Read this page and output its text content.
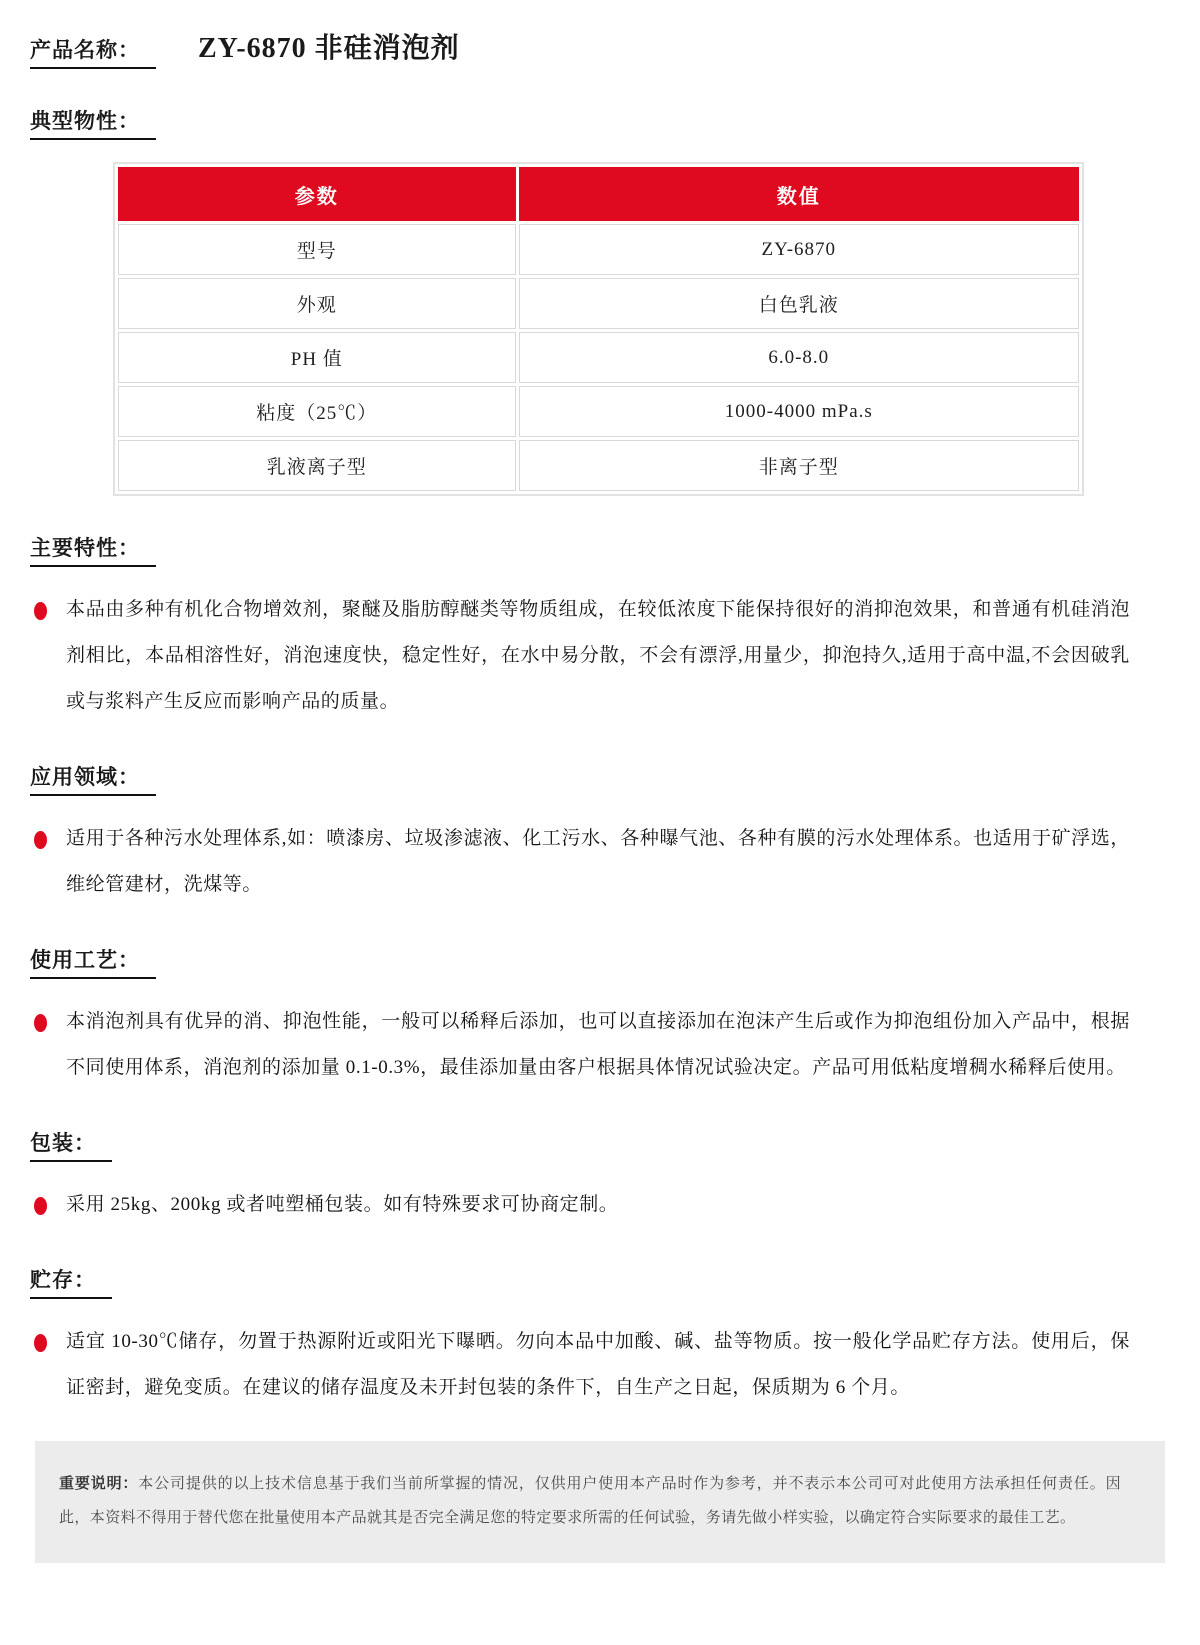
产品名称：	ZY-6870 非硅消泡剂
典型物性：
参数	数值
型号	ZY-6870
外观	白色乳液
PH 值	6.0-8.0
粘度（25℃）	1000-4000 mPa.s
乳液离子型	非离子型
主要特性：

本品由多种有机化合物增效剂，聚醚及脂肪醇醚类等物质组成，在较低浓度下能保持很好的消抑泡效果，和普通有机硅消泡剂相比，本品相溶性好，消泡速度快，稳定性好，在水中易分散，不会有漂浮,用量少，抑泡持久,适用于高中温,不会因破乳或与浆料产生反应而影响产品的质量。

应用领域：

适用于各种污水处理体系,如：喷漆房、垃圾渗滤液、化工污水、各种曝气池、各种有膜的污水处理体系。也适用于矿浮选，维纶管建材，洗煤等。

使用工艺：

本消泡剂具有优异的消、抑泡性能，一般可以稀释后添加，也可以直接添加在泡沫产生后或作为抑泡组份加入产品中，根据不同使用体系，消泡剂的添加量 0.1-0.3%，最佳添加量由客户根据具体情况试验决定。产品可用低粘度增稠水稀释后使用。

包装：

采用 25kg、200kg 或者吨塑桶包装。如有特殊要求可协商定制。

贮存：

适宜 10-30℃储存，勿置于热源附近或阳光下曝晒。勿向本品中加酸、碱、盐等物质。按一般化学品贮存方法。使用后，保证密封，避免变质。在建议的储存温度及未开封包装的条件下，自生产之日起，保质期为 6 个月。

重要说明：本公司提供的以上技术信息基于我们当前所掌握的情况，仅供用户使用本产品时作为参考，并不表示本公司可对此使用方法承担任何责任。因此，本资料不得用于替代您在批量使用本产品就其是否完全满足您的特定要求所需的任何试验，务请先做小样实验，以确定符合实际要求的最佳工艺。
